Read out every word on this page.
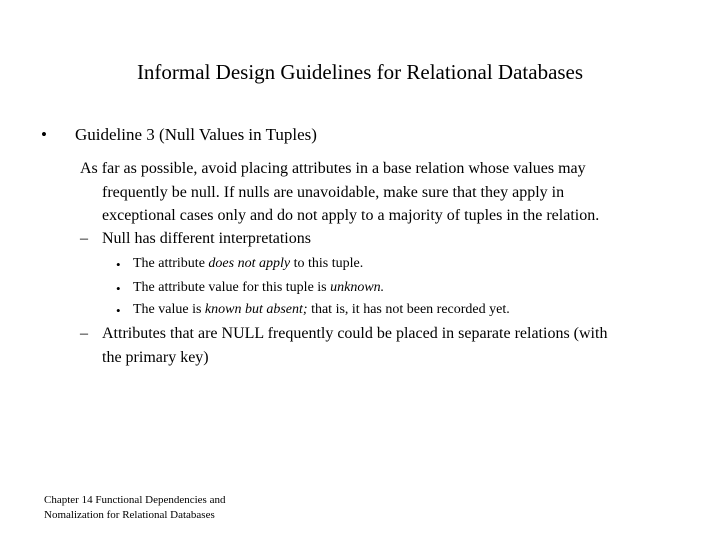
Informal Design Guidelines for Relational Databases
• Guideline 3 (Null Values in Tuples)
As far as possible, avoid placing attributes in a base relation whose values may
frequently be null. If nulls are unavoidable, make sure that they apply in
exceptional cases only and do not apply to a majority of tuples in the relation.
– Null has different interpretations
• The attribute does not apply to this tuple.
• The attribute value for this tuple is unknown.
• The value is known but absent; that is, it has not been recorded yet.
– Attributes that are NULL frequently could be placed in separate relations (with
the primary key)
Chapter 14 Functional Dependencies and
Nomalization for Relational Databases
